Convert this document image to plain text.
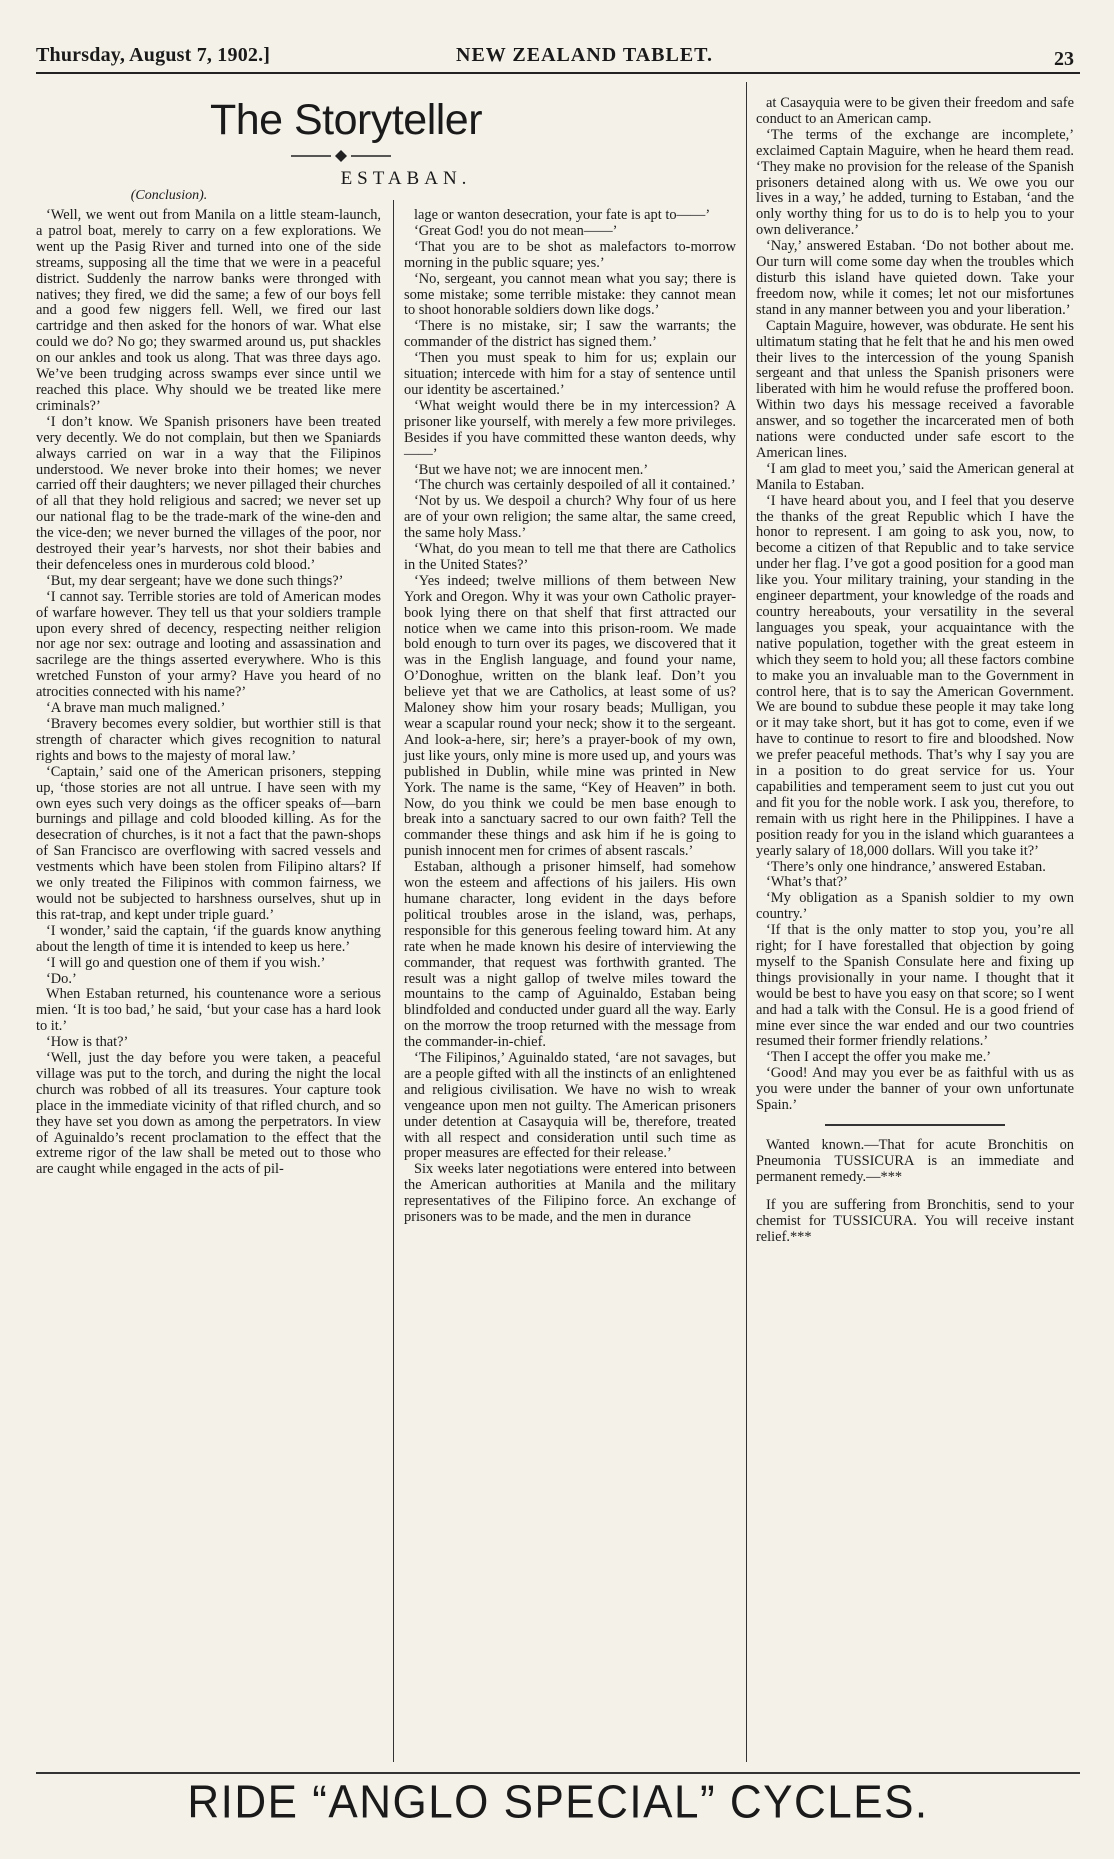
Thursday, August 7, 1902.]	NEW ZEALAND TABLET.	23
The Storyteller
ESTABAN.
(Conclusion).

‘Well, we went out from Manila on a little steam-launch, a patrol boat, merely to carry on a few explorations. We went up the Pasig River and turned into one of the side streams, supposing all the time that we were in a peaceful district. Suddenly the narrow banks were thronged with natives; they fired, we did the same; a few of our boys fell and a good few niggers fell. Well, we fired our last cartridge and then asked for the honors of war. What else could we do? No go; they swarmed around us, put shackles on our ankles and took us along. That was three days ago. We’ve been trudging across swamps ever since until we reached this place. Why should we be treated like mere criminals?’

‘I don’t know. We Spanish prisoners have been treated very decently. We do not complain, but then we Spaniards always carried on war in a way that the Filipinos understood. We never broke into their homes; we never carried off their daughters; we never pillaged their churches of all that they hold religious and sacred; we never set up our national flag to be the trade-mark of the wine-den and the vice-den; we never burned the villages of the poor, nor destroyed their year’s harvests, nor shot their babies and their defenceless ones in murderous cold blood.’

‘But, my dear sergeant; have we done such things?’

‘I cannot say. Terrible stories are told of American modes of warfare however. They tell us that your soldiers trample upon every shred of decency, respecting neither religion nor age nor sex: outrage and looting and assassination and sacrilege are the things asserted everywhere. Who is this wretched Funston of your army? Have you heard of no atrocities connected with his name?’

‘A brave man much maligned.’

‘Bravery becomes every soldier, but worthier still is that strength of character which gives recognition to natural rights and bows to the majesty of moral law.’

‘Captain,’ said one of the American prisoners, stepping up, ‘those stories are not all untrue. I have seen with my own eyes such very doings as the officer speaks of—barn burnings and pillage and cold blooded killing. As for the desecration of churches, is it not a fact that the pawn-shops of San Francisco are overflowing with sacred vessels and vestments which have been stolen from Filipino altars? If we only treated the Filipinos with common fairness, we would not be subjected to harshness ourselves, shut up in this rat-trap, and kept under triple guard.’

‘I wonder,’ said the captain, ‘if the guards know anything about the length of time it is intended to keep us here.’

‘I will go and question one of them if you wish.’

‘Do.’

When Estaban returned, his countenance wore a serious mien. ‘It is too bad,’ he said, ‘but your case has a hard look to it.’

‘How is that?’

‘Well, just the day before you were taken, a peaceful village was put to the torch, and during the night the local church was robbed of all its treasures. Your capture took place in the immediate vicinity of that rifled church, and so they have set you down as among the perpetrators. In view of Aguinaldo’s recent proclamation to the effect that the extreme rigor of the law shall be meted out to those who are caught while engaged in the acts of pil-

lage or wanton desecration, your fate is apt to——’

‘Great God! you do not mean——’

‘That you are to be shot as malefactors to-morrow morning in the public square; yes.’

‘No, sergeant, you cannot mean what you say; there is some mistake; some terrible mistake: they cannot mean to shoot honorable soldiers down like dogs.’

‘There is no mistake, sir; I saw the warrants; the commander of the district has signed them.’

‘Then you must speak to him for us; explain our situation; intercede with him for a stay of sentence until our identity be ascertained.’

‘What weight would there be in my intercession? A prisoner like yourself, with merely a few more privileges. Besides if you have committed these wanton deeds, why——’

‘But we have not; we are innocent men.’

‘The church was certainly despoiled of all it contained.’

‘Not by us. We despoil a church? Why four of us here are of your own religion; the same altar, the same creed, the same holy Mass.’

‘What, do you mean to tell me that there are Catholics in the United States?’

‘Yes indeed; twelve millions of them between New York and Oregon. Why it was your own Catholic prayer-book lying there on that shelf that first attracted our notice when we came into this prison-room. We made bold enough to turn over its pages, we discovered that it was in the English language, and found your name, O’Donoghue, written on the blank leaf. Don’t you believe yet that we are Catholics, at least some of us? Maloney show him your rosary beads; Mulligan, you wear a scapular round your neck; show it to the sergeant. And look-a-here, sir; here’s a prayer-book of my own, just like yours, only mine is more used up, and yours was published in Dublin, while mine was printed in New York. The name is the same, “Key of Heaven” in both. Now, do you think we could be men base enough to break into a sanctuary sacred to our own faith? Tell the commander these things and ask him if he is going to punish innocent men for crimes of absent rascals.’

Estaban, although a prisoner himself, had somehow won the esteem and affections of his jailers. His own humane character, long evident in the days before political troubles arose in the island, was, perhaps, responsible for this generous feeling toward him. At any rate when he made known his desire of interviewing the commander, that request was forthwith granted. The result was a night gallop of twelve miles toward the mountains to the camp of Aguinaldo, Estaban being blindfolded and conducted under guard all the way. Early on the morrow the troop returned with the message from the commander-in-chief.

‘The Filipinos,’ Aguinaldo stated, ‘are not savages, but are a people gifted with all the instincts of an enlightened and religious civilisation. We have no wish to wreak vengeance upon men not guilty. The American prisoners under detention at Casayquia will be, therefore, treated with all respect and consideration until such time as proper measures are effected for their release.’

Six weeks later negotiations were entered into between the American authorities at Manila and the military representatives of the Filipino force. An exchange of prisoners was to be made, and the men in durance

at Casayquia were to be given their freedom and safe conduct to an American camp.

‘The terms of the exchange are incomplete,’ exclaimed Captain Maguire, when he heard them read. ‘They make no provision for the release of the Spanish prisoners detained along with us. We owe you our lives in a way,’ he added, turning to Estaban, ‘and the only worthy thing for us to do is to help you to your own deliverance.’

‘Nay,’ answered Estaban. ‘Do not bother about me. Our turn will come some day when the troubles which disturb this island have quieted down. Take your freedom now, while it comes; let not our misfortunes stand in any manner between you and your liberation.’

Captain Maguire, however, was obdurate. He sent his ultimatum stating that he felt that he and his men owed their lives to the intercession of the young Spanish sergeant and that unless the Spanish prisoners were liberated with him he would refuse the proffered boon. Within two days his message received a favorable answer, and so together the incarcerated men of both nations were conducted under safe escort to the American lines.

‘I am glad to meet you,’ said the American general at Manila to Estaban.

‘I have heard about you, and I feel that you deserve the thanks of the great Republic which I have the honor to represent. I am going to ask you, now, to become a citizen of that Republic and to take service under her flag. I’ve got a good position for a good man like you. Your military training, your standing in the engineer department, your knowledge of the roads and country hereabouts, your versatility in the several languages you speak, your acquaintance with the native population, together with the great esteem in which they seem to hold you; all these factors combine to make you an invaluable man to the Government in control here, that is to say the American Government. We are bound to subdue these people it may take long or it may take short, but it has got to come, even if we have to continue to resort to fire and bloodshed. Now we prefer peaceful methods. That’s why I say you are in a position to do great service for us. Your capabilities and temperament seem to just cut you out and fit you for the noble work. I ask you, therefore, to remain with us right here in the Philippines. I have a position ready for you in the island which guarantees a yearly salary of 18,000 dollars. Will you take it?’

‘There’s only one hindrance,’ answered Estaban.

‘What’s that?’

‘My obligation as a Spanish soldier to my own country.’

‘If that is the only matter to stop you, you’re all right; for I have forestalled that objection by going myself to the Spanish Consulate here and fixing up things provisionally in your name. I thought that it would be best to have you easy on that score; so I went and had a talk with the Consul. He is a good friend of mine ever since the war ended and our two countries resumed their former friendly relations.’

‘Then I accept the offer you make me.’

‘Good! And may you ever be as faithful with us as you were under the banner of your own unfortunate Spain.’

Wanted known.—That for acute Bronchitis on Pneumonia TUSSICURA is an immediate and permanent remedy.—***

If you are suffering from Bronchitis, send to your chemist for TUSSICURA. You will receive instant relief.***

RIDE “ANGLO SPECIAL” CYCLES.
